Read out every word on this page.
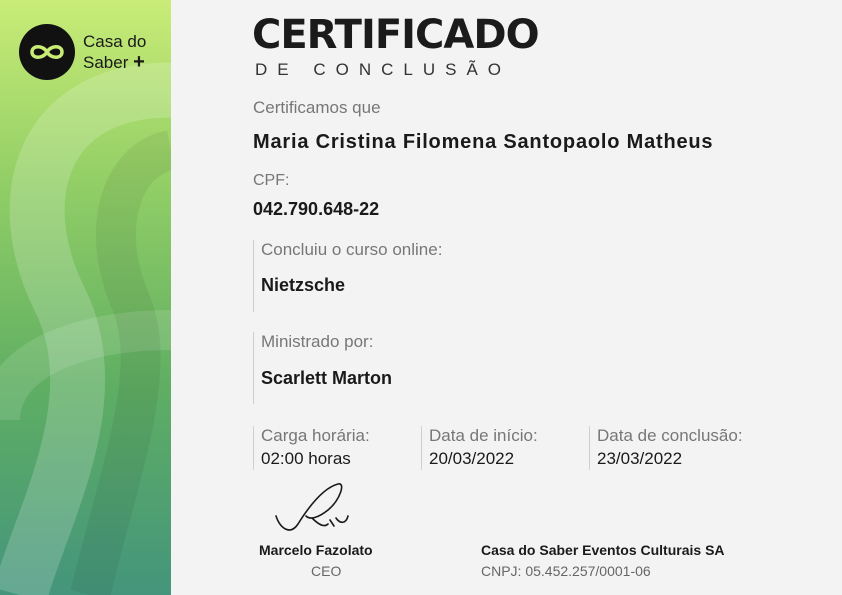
Casa do
Saber +
CERTIFICADO
DE CONCLUSÃO
Certificamos que
Maria Cristina Filomena Santopaolo Matheus
CPF:
042.790.648-22
Concluiu o curso online:
Nietzsche
Ministrado por:
Scarlett Marton
Carga horária:
02:00 horas
Data de início:
20/03/2022
Data de conclusão:
23/03/2022
Marcelo Fazolato
CEO
Casa do Saber Eventos Culturais SA
CNPJ: 05.452.257/0001-06
